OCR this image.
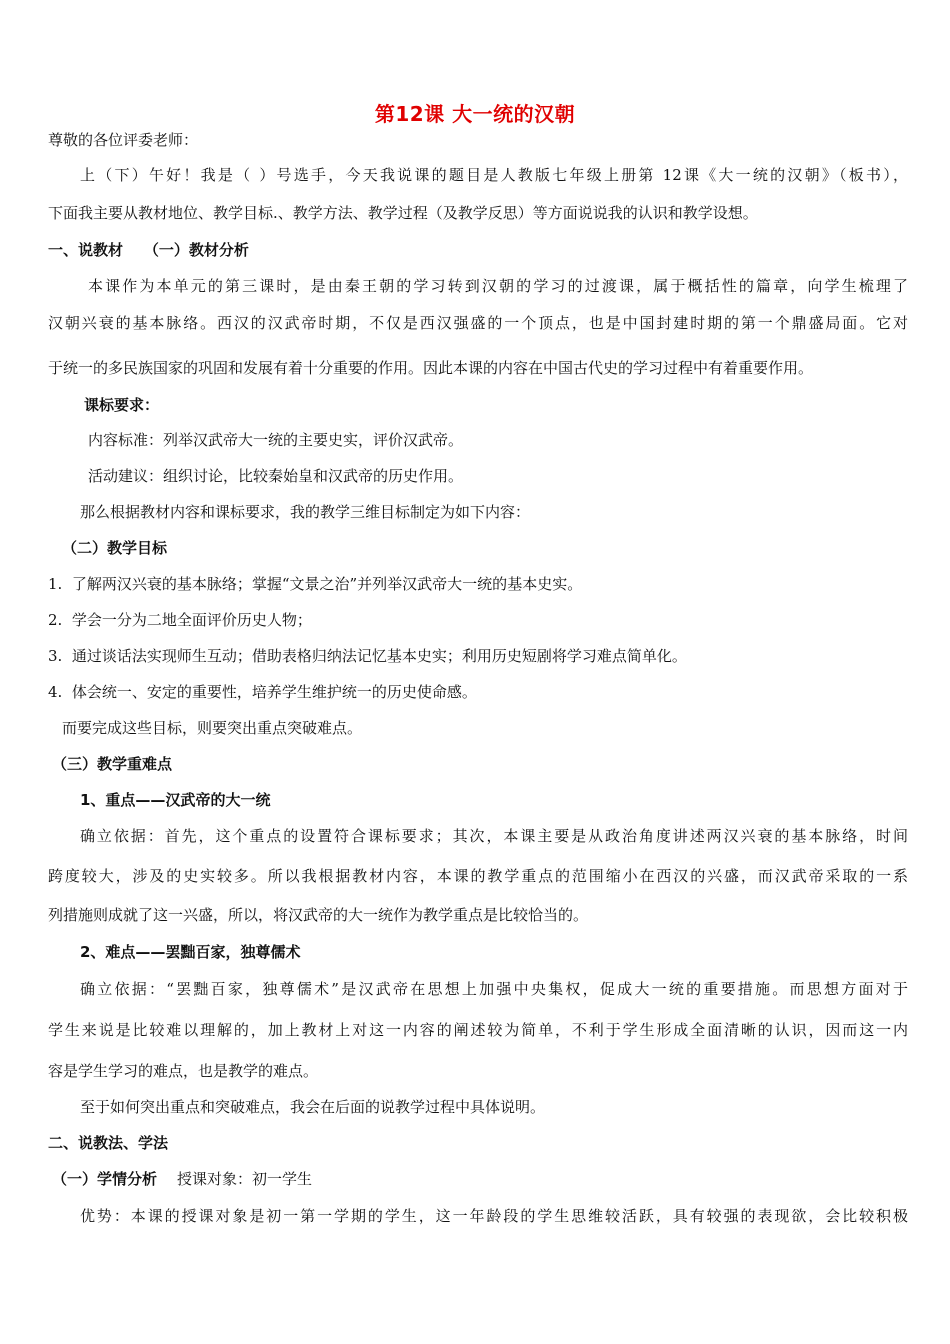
第12课 大一统的汉朝
尊敬的各位评委老师：
上（下）午好！我是（ ）号选手，今天我说课的题目是人教版七年级上册第 12课《大一统的汉朝》（板书），
下面我主要从教材地位、教学目标.、教学方法、教学过程（及教学反思）等方面说说我的认识和教学设想。
一、说教材    （一）教材分析
本课作为本单元的第三课时，是由秦王朝的学习转到汉朝的学习的过渡课，属于概括性的篇章，向学生梳理了
汉朝兴衰的基本脉络。西汉的汉武帝时期，不仅是西汉强盛的一个顶点，也是中国封建时期的第一个鼎盛局面。它对
于统一的多民族国家的巩固和发展有着十分重要的作用。因此本课的内容在中国古代史的学习过程中有着重要作用。
课标要求：
内容标准：列举汉武帝大一统的主要史实，评价汉武帝。
活动建议：组织讨论，比较秦始皇和汉武帝的历史作用。
那么根据教材内容和课标要求，我的教学三维目标制定为如下内容：
（二）教学目标
1.  了解两汉兴衰的基本脉络；掌握“文景之治”并列举汉武帝大一统的基本史实。
2.  学会一分为二地全面评价历史人物；
3.  通过谈话法实现师生互动；借助表格归纳法记忆基本史实；利用历史短剧将学习难点简单化。
4.  体会统一、安定的重要性，培养学生维护统一的历史使命感。
而要完成这些目标，则要突出重点突破难点。
（三）教学重难点
1、重点——汉武帝的大一统
确立依据：首先，这个重点的设置符合课标要求；其次，本课主要是从政治角度讲述两汉兴衰的基本脉络，时间
跨度较大，涉及的史实较多。所以我根据教材内容，本课的教学重点的范围缩小在西汉的兴盛，而汉武帝采取的一系
列措施则成就了这一兴盛，所以，将汉武帝的大一统作为教学重点是比较恰当的。
2、难点——罢黜百家，独尊儒术
确立依据：“罢黜百家，独尊儒术”是汉武帝在思想上加强中央集权，促成大一统的重要措施。而思想方面对于
学生来说是比较难以理解的，加上教材上对这一内容的阐述较为简单，不利于学生形成全面清晰的认识，因而这一内
容是学生学习的难点，也是教学的难点。
至于如何突出重点和突破难点，我会在后面的说教学过程中具体说明。
二、说教法、学法
（一）学情分析 授课对象：初一学生
优势：本课的授课对象是初一第一学期的学生，这一年龄段的学生思维较活跃，具有较强的表现欲，会比较积极
